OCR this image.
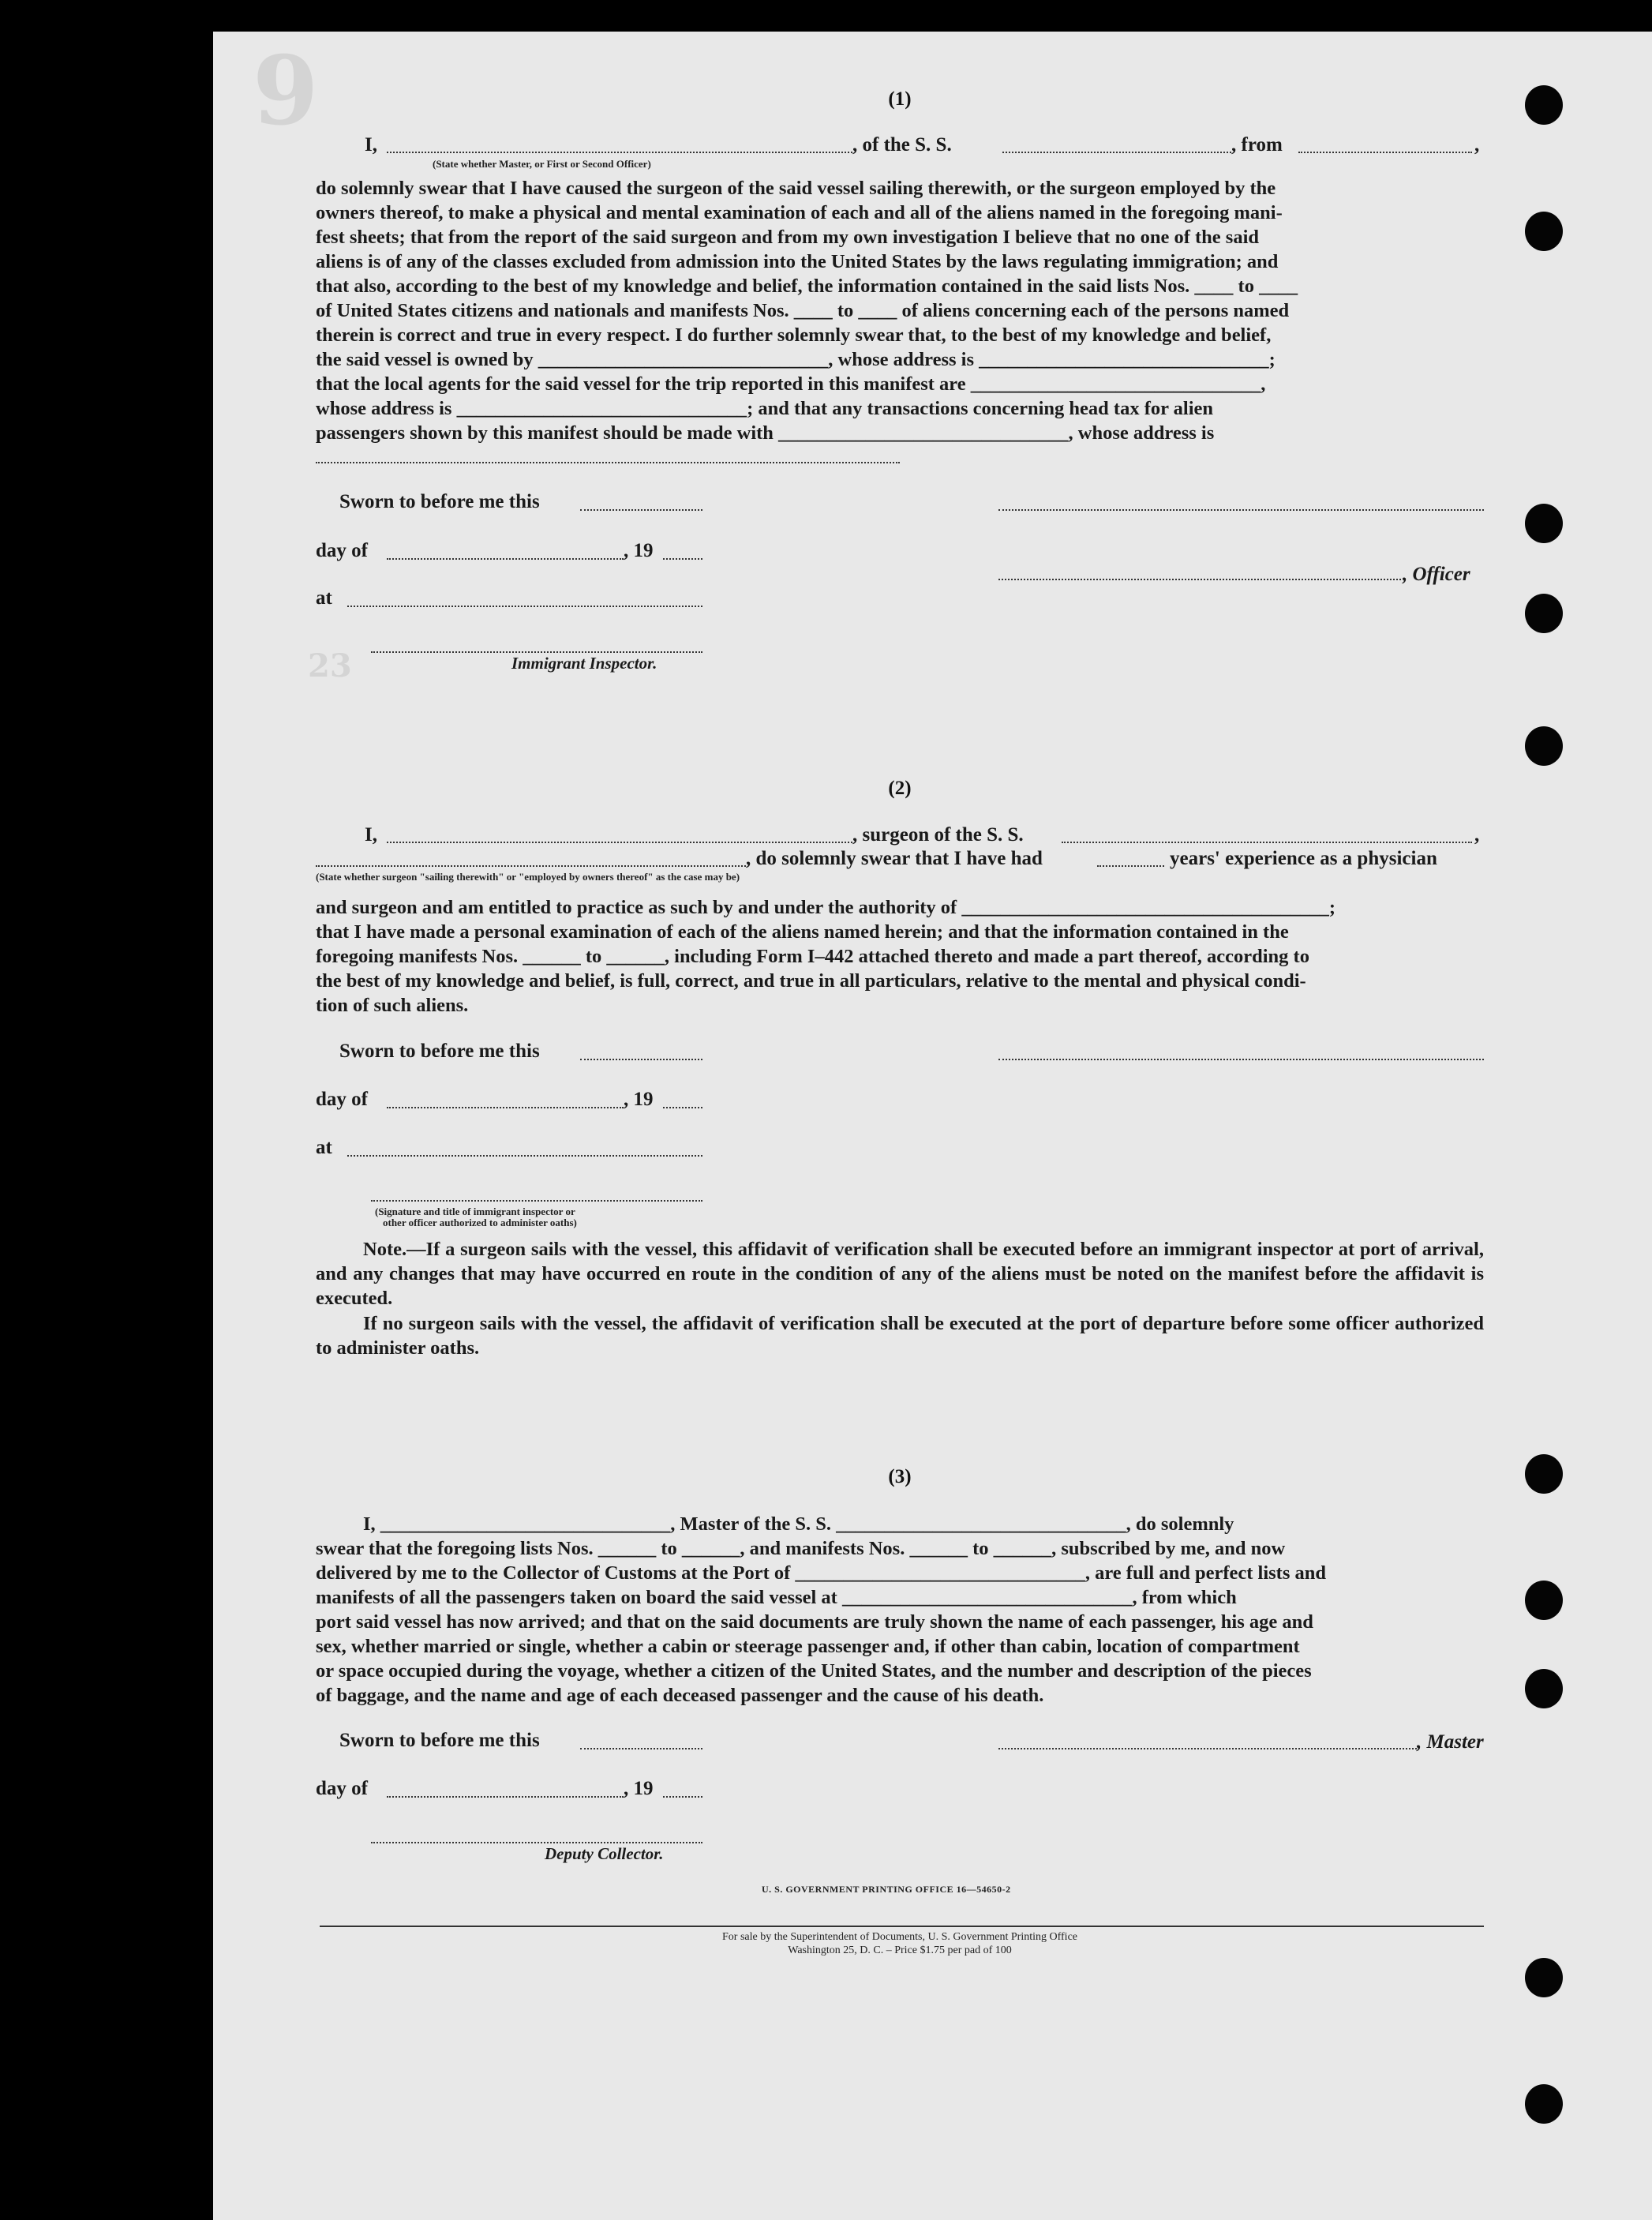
9
23
(1)
I,	, of the S. S.	, from	,
(State whether Master, or First or Second Officer)
do solemnly swear that I have caused the surgeon of the said vessel sailing therewith, or the surgeon employed by the
owners thereof, to make a physical and mental examination of each and all of the aliens named in the foregoing mani-
fest sheets; that from the report of the said surgeon and from my own investigation I believe that no one of the said
aliens is of any of the classes excluded from admission into the United States by the laws regulating immigration; and
that also, according to the best of my knowledge and belief, the information contained in the said lists Nos. ____ to ____
of United States citizens and nationals and manifests Nos. ____ to ____ of aliens concerning each of the persons named
therein is correct and true in every respect. I do further solemnly swear that, to the best of my knowledge and belief,
the said vessel is owned by ______________________________, whose address is ______________________________;
that the local agents for the said vessel for the trip reported in this manifest are ______________________________,
whose address is ______________________________; and that any transactions concerning head tax for alien
passengers shown by this manifest should be made with ______________________________, whose address is
Sworn to before me this
day of	, 19
, Officer
at
Immigrant Inspector.
(2)
I,	, surgeon of the S. S.	,
, do solemnly swear that I have had	years' experience as a physician
(State whether surgeon "sailing therewith" or "employed by owners thereof" as the case may be)
and surgeon and am entitled to practice as such by and under the authority of ______________________________________;
that I have made a personal examination of each of the aliens named herein; and that the information contained in the
foregoing manifests Nos. ______ to ______, including Form I–442 attached thereto and made a part thereof, according to
the best of my knowledge and belief, is full, correct, and true in all particulars, relative to the mental and physical condi-
tion of such aliens.
Sworn to before me this
day of	, 19
at
(Signature and title of immigrant inspector or
other officer authorized to administer oaths)
Note.—If a surgeon sails with the vessel, this affidavit of verification shall be executed before an immigrant inspector at port of arrival, and any changes that may have occurred en route in the condition of any of the aliens must be noted on the manifest before the affidavit is executed.
If no surgeon sails with the vessel, the affidavit of verification shall be executed at the port of departure before some officer authorized to administer oaths.
(3)
I, ______________________________, Master of the S. S. ______________________________, do solemnly
swear that the foregoing lists Nos. ______ to ______, and manifests Nos. ______ to ______, subscribed by me, and now
delivered by me to the Collector of Customs at the Port of ______________________________, are full and perfect lists and
manifests of all the passengers taken on board the said vessel at ______________________________, from which
port said vessel has now arrived; and that on the said documents are truly shown the name of each passenger, his age and
sex, whether married or single, whether a cabin or steerage passenger and, if other than cabin, location of compartment
or space occupied during the voyage, whether a citizen of the United States, and the number and description of the pieces
of baggage, and the name and age of each deceased passenger and the cause of his death.
Sworn to before me this	, Master
day of	, 19
Deputy Collector.
U. S. GOVERNMENT PRINTING OFFICE 16—54650-2
For sale by the Superintendent of Documents, U. S. Government Printing Office
Washington 25, D. C. – Price $1.75 per pad of 100
